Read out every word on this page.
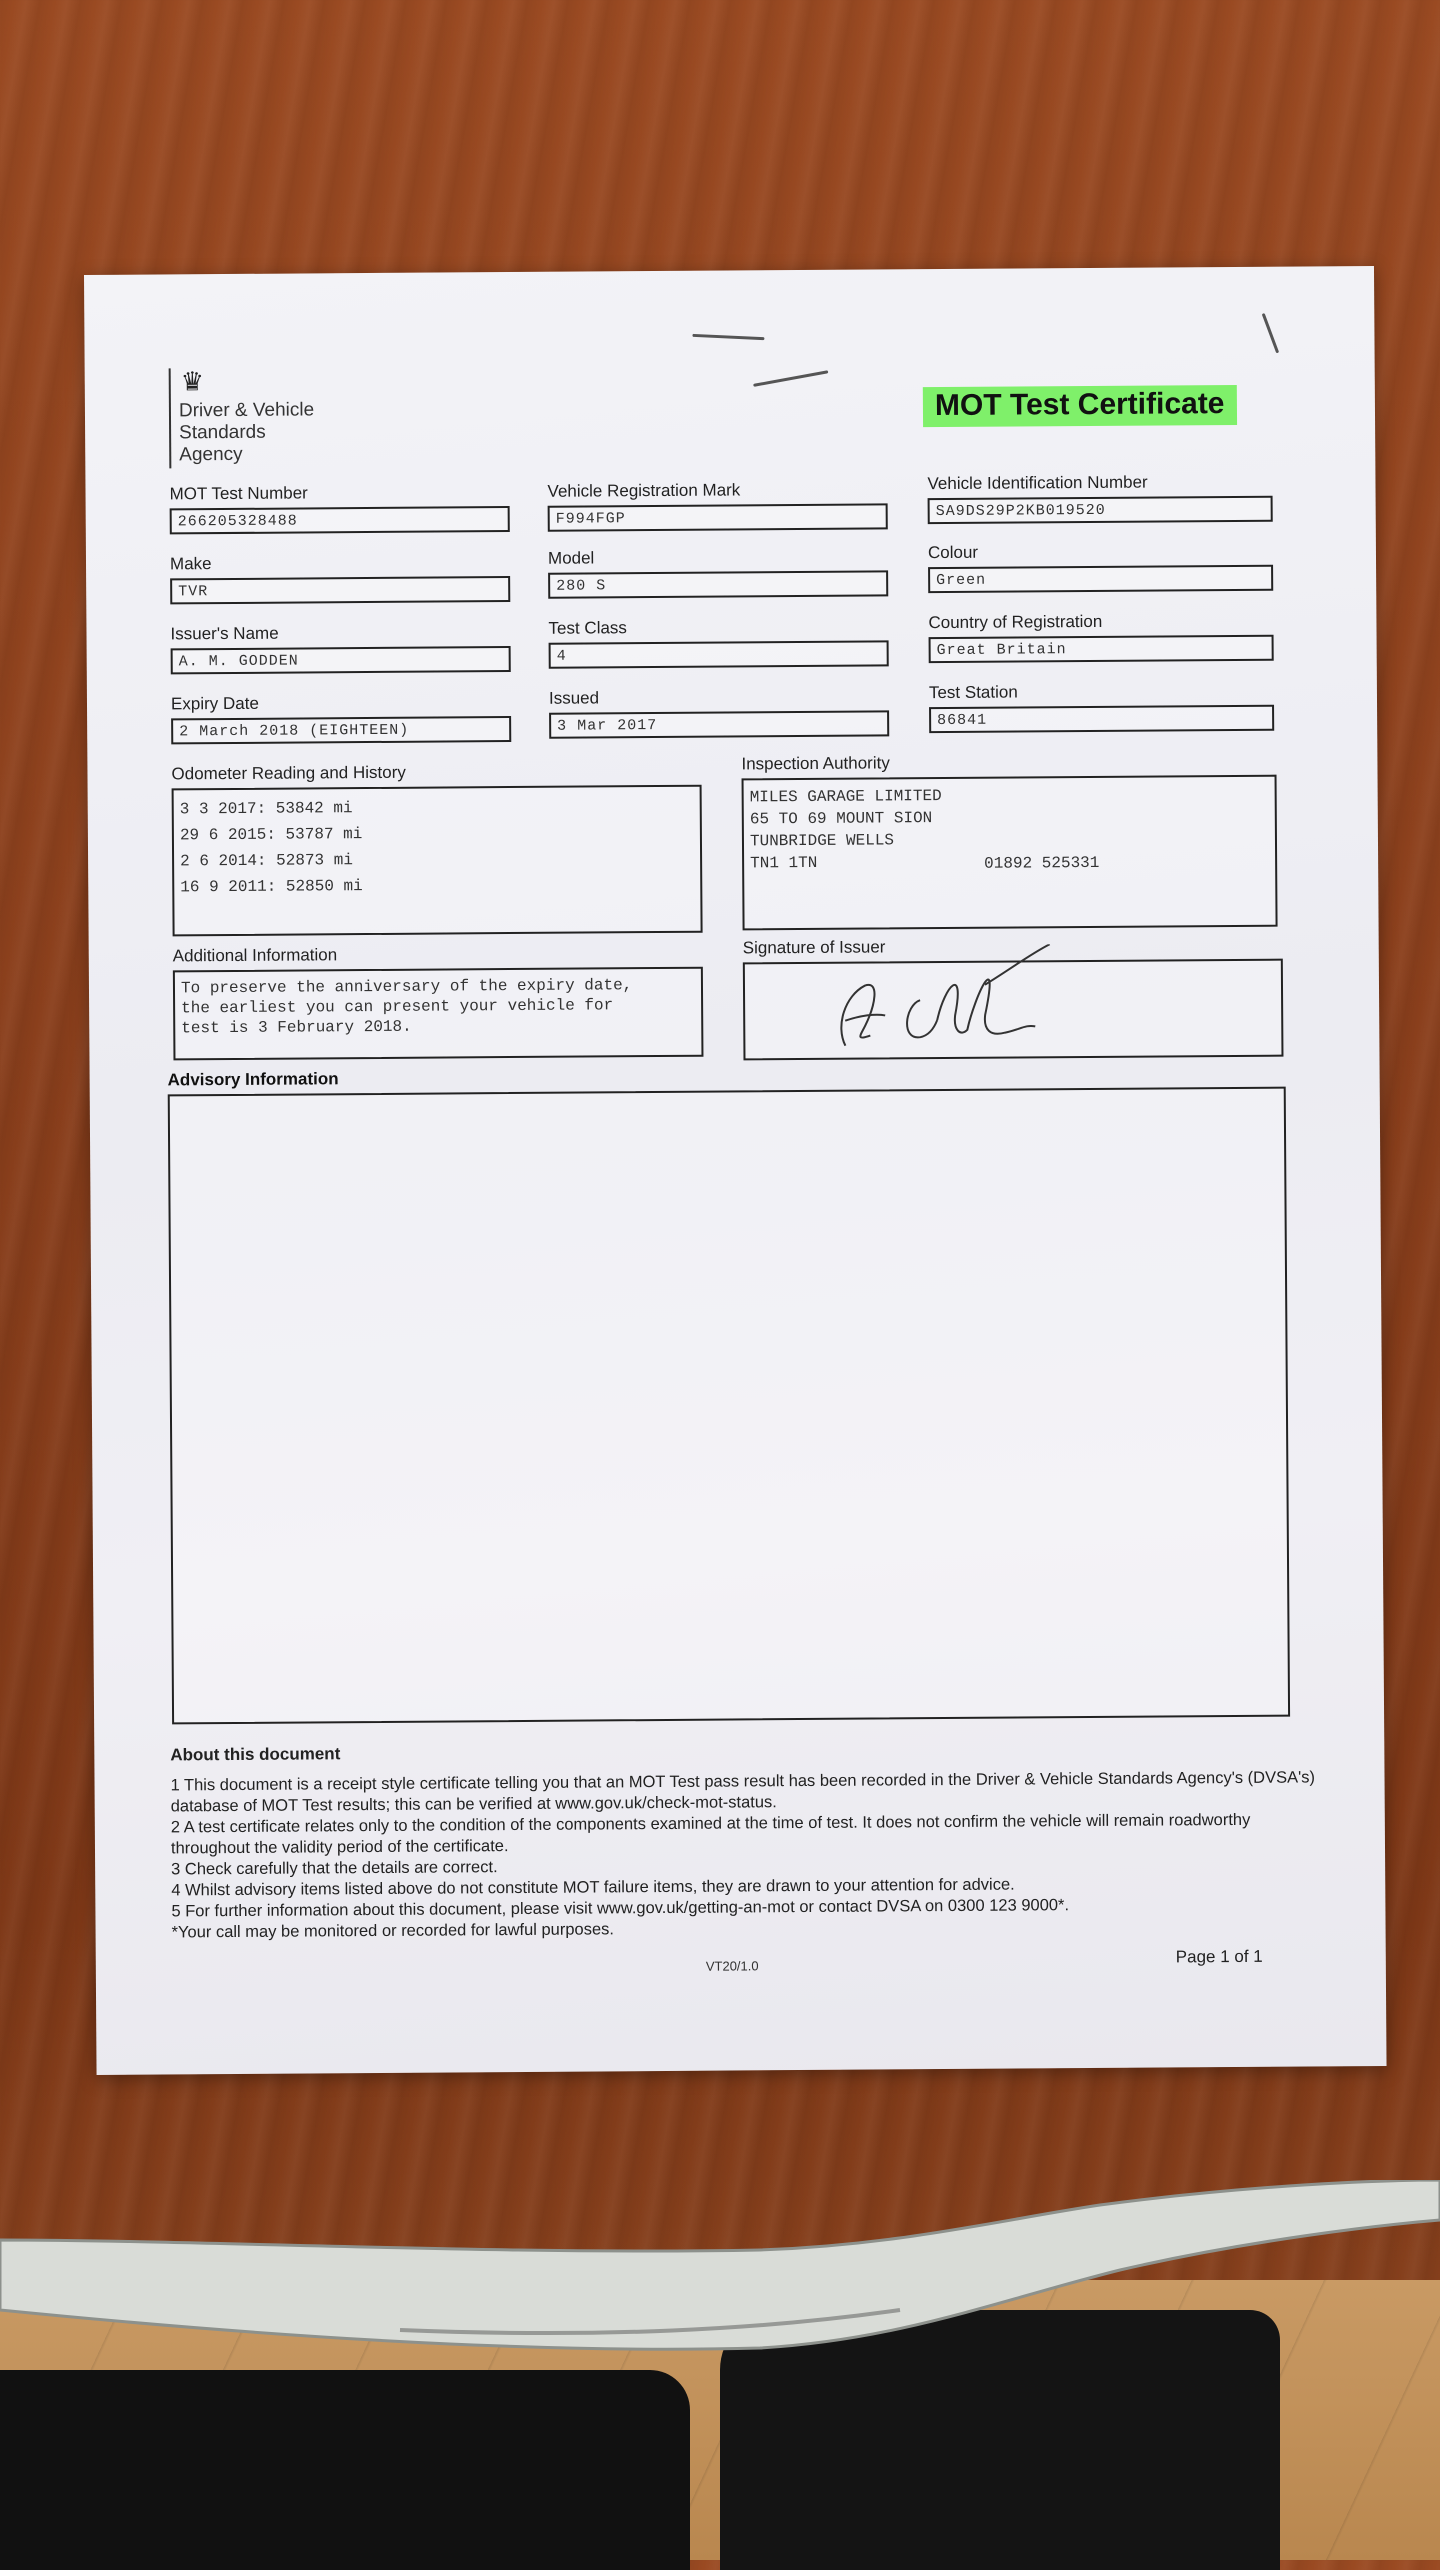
♛
Driver & Vehicle
Standards
Agency
MOT Test Certificate
MOT Test Number
266205328488
Vehicle Registration Mark
F994FGP
Vehicle Identification Number
SA9DS29P2KB019520
Make
TVR
Model
280 S
Colour
Green
Issuer's Name
A. M. GODDEN
Test Class
4
Country of Registration
Great Britain
Expiry Date
2 March 2018 (EIGHTEEN)
Issued
3 Mar 2017
Test Station
86841
Odometer Reading and History
3 3 2017: 53842 mi
29 6 2015: 53787 mi
2 6 2014: 52873 mi
16 9 2011: 52850 mi
Inspection Authority
MILES GARAGE LIMITED
65 TO 69 MOUNT SION
TUNBRIDGE WELLS
TN1 1TN	01892 525331
Additional Information
To preserve the anniversary of the expiry date,
the earliest you can present your vehicle for
test is 3 February 2018.
Signature of Issuer
Advisory Information

About this document

1 This document is a receipt style certificate telling you that an MOT Test pass result has been recorded in the Driver & Vehicle Standards Agency's (DVSA's) database of MOT Test results; this can be verified at www.gov.uk/check-mot-status.

2 A test certificate relates only to the condition of the components examined at the time of test. It does not confirm the vehicle will remain roadworthy throughout the validity period of the certificate.

3 Check carefully that the details are correct.

4 Whilst advisory items listed above do not constitute MOT failure items, they are drawn to your attention for advice.

5 For further information about this document, please visit www.gov.uk/getting-an-mot or contact DVSA on 0300 123 9000*.

*Your call may be monitored or recorded for lawful purposes.

VT20/1.0	Page 1 of 1
